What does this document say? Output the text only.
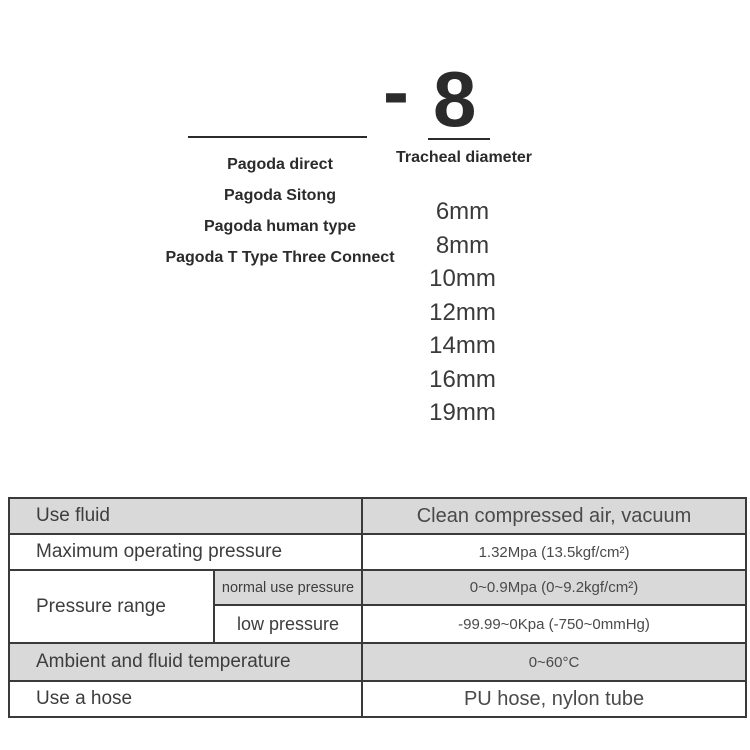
- 8
Pagoda direct
Pagoda Sitong
Pagoda human type
Pagoda T Type Three Connect
Tracheal diameter
6mm
8mm
10mm
12mm
14mm
16mm
19mm
Use fluid		Clean compressed air, vacuum
Maximum operating pressure		1.32Mpa (13.5kgf/cm²)
Pressure range	normal use pressure	0~0.9Mpa (0~9.2kgf/cm²)
	low pressure	-99.99~0Kpa (-750~0mmHg)
Ambient and fluid temperature		0~60°C
Use a hose		PU hose, nylon tube
